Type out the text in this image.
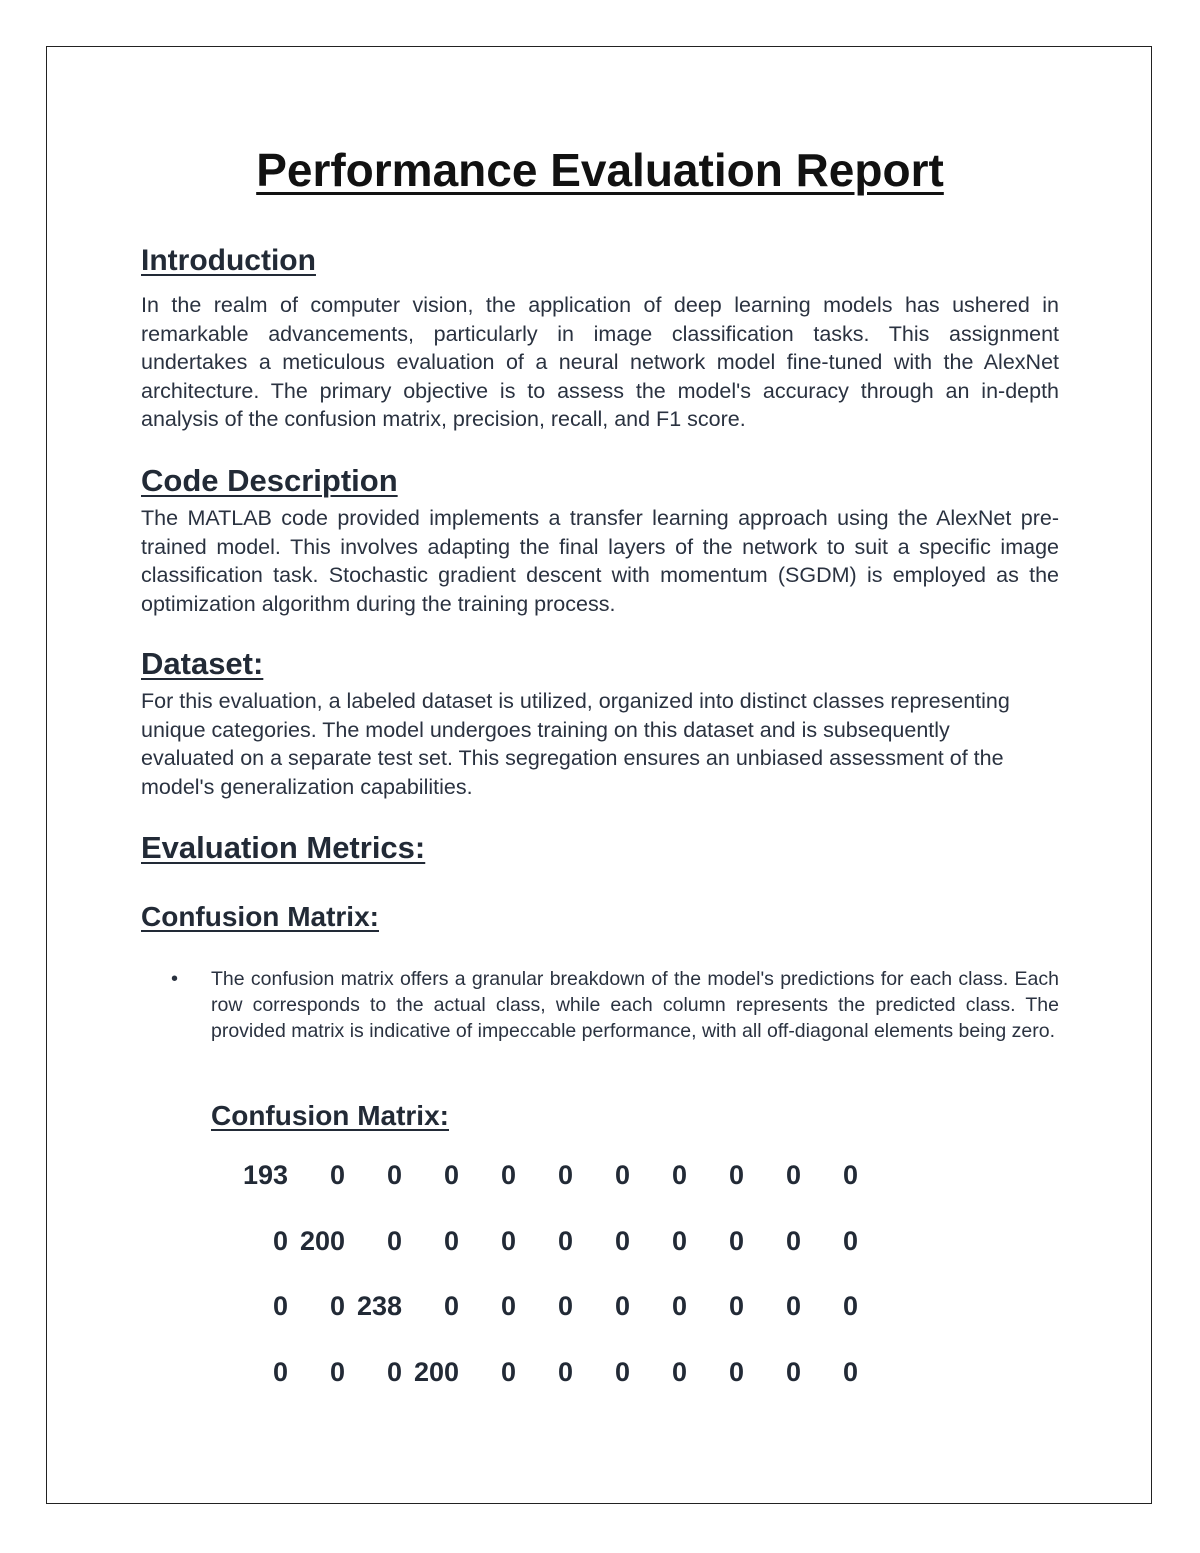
Performance Evaluation Report
Introduction

In the realm of computer vision, the application of deep learning models has ushered in remarkable advancements, particularly in image classification tasks. This assignment undertakes a meticulous evaluation of a neural network model fine-tuned with the AlexNet architecture. The primary objective is to assess the model's accuracy through an in-depth analysis of the confusion matrix, precision, recall, and F1 score.

Code Description

The MATLAB code provided implements a transfer learning approach using the AlexNet pre-trained model. This involves adapting the final layers of the network to suit a specific image classification task. Stochastic gradient descent with momentum (SGDM) is employed as the optimization algorithm during the training process.

Dataset:

For this evaluation, a labeled dataset is utilized, organized into distinct classes representing unique categories. The model undergoes training on this dataset and is subsequently evaluated on a separate test set. This segregation ensures an unbiased assessment of the model's generalization capabilities.

Evaluation Metrics:
Confusion Matrix:
• The confusion matrix offers a granular breakdown of the model's predictions for each class. Each row corresponds to the actual class, while each column represents the predicted class. The provided matrix is indicative of impeccable performance, with all off-diagonal elements being zero.

Confusion Matrix:
193	0	0	0	0	0	0	0	0	0	0
0 200	0	0	0	0	0	0	0	0	0
0	0 238	0	0	0	0	0	0	0	0
0	0	0 200	0	0	0	0	0	0	0
